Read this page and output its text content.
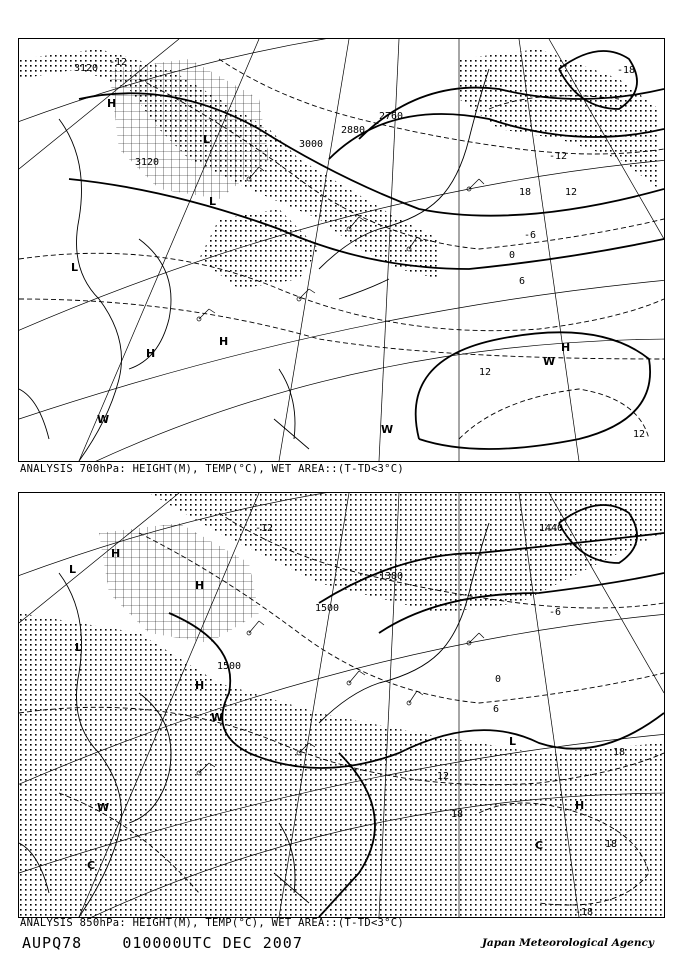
3120
3120
3000
2880
2760
-12
-18
-12
-6
0
6
12
12
12
18
H
L
L
H
H	H
W
W
W
L
ANALYSIS 700hPa: HEIGHT(M), TEMP(°C), WET AREA::(T-TD<3°C)
1500
1380
1500
1440
-12
-6
0
6
12
18
18
18
-18
H
L
L
H
L
H
W
W
C
C
H
ANALYSIS 850hPa: HEIGHT(M), TEMP(°C), WET AREA::(T-TD<3°C)
AUPQ78	010000UTC DEC 2007	Japan Meteorological Agency
